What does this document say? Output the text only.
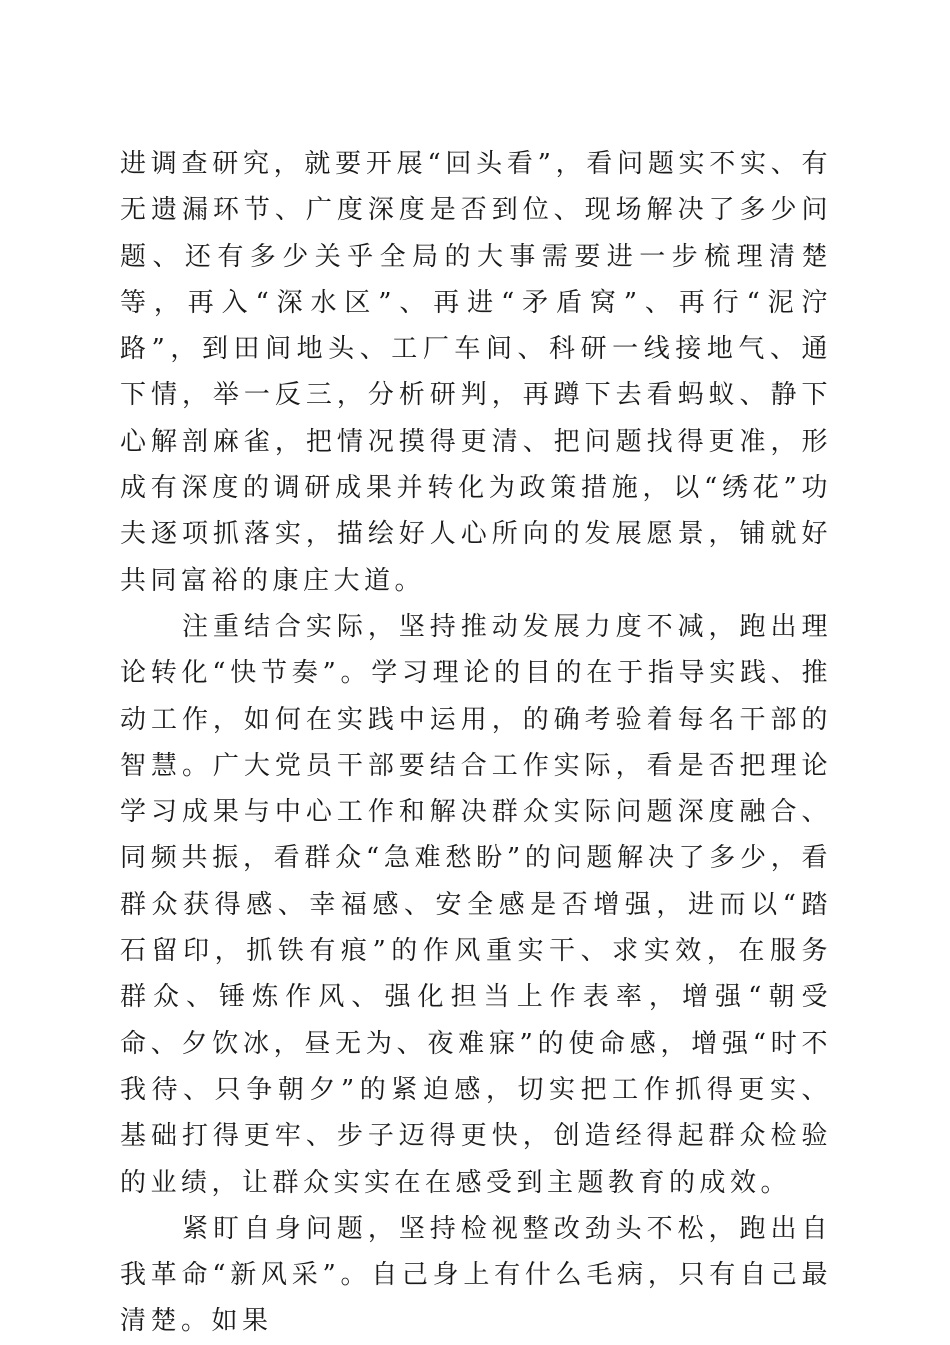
进调查研究，就要开展“回头看”，看问题实不实、有无遗漏环节、广度深度是否到位、现场解决了多少问题、还有多少关乎全局的大事需要进一步梳理清楚等，再入“深水区”、再进“矛盾窝”、再行“泥泞路”，到田间地头、工厂车间、科研一线接地气、通下情，举一反三，分析研判，再蹲下去看蚂蚁、静下心解剖麻雀，把情况摸得更清、把问题找得更准，形成有深度的调研成果并转化为政策措施，以“绣花”功夫逐项抓落实，描绘好人心所向的发展愿景，铺就好共同富裕的康庄大道。

注重结合实际，坚持推动发展力度不减，跑出理论转化“快节奏”。学习理论的目的在于指导实践、推动工作，如何在实践中运用，的确考验着每名干部的智慧。广大党员干部要结合工作实际，看是否把理论学习成果与中心工作和解决群众实际问题深度融合、同频共振，看群众“急难愁盼”的问题解决了多少，看群众获得感、幸福感、安全感是否增强，进而以“踏石留印，抓铁有痕”的作风重实干、求实效，在服务群众、锤炼作风、强化担当上作表率，增强“朝受命、夕饮冰，昼无为、夜难寐”的使命感，增强“时不我待、只争朝夕”的紧迫感，切实把工作抓得更实、基础打得更牢、步子迈得更快，创造经得起群众检验的业绩，让群众实实在在感受到主题教育的成效。

紧盯自身问题，坚持检视整改劲头不松，跑出自我革命“新风采”。自己身上有什么毛病，只有自己最清楚。如果
